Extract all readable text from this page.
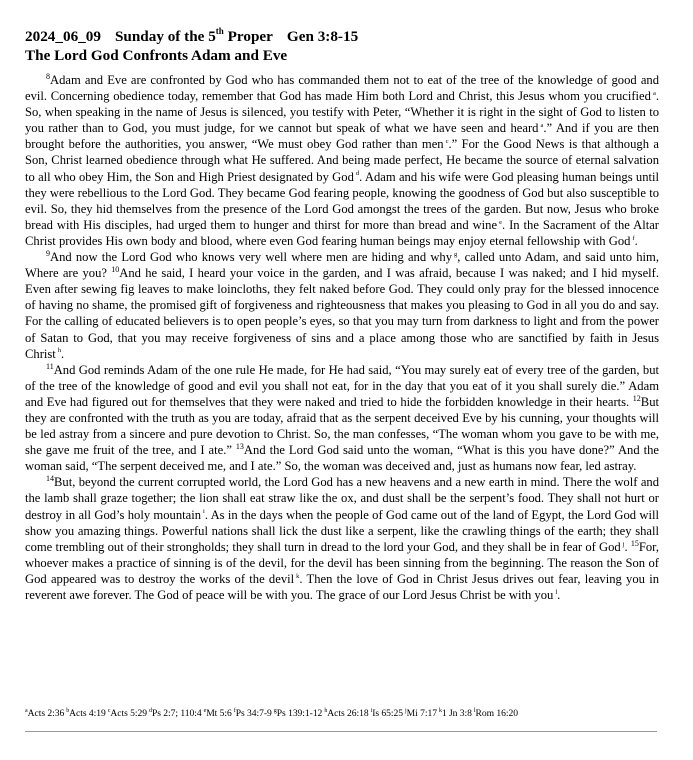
2024_06_09 Sunday of the 5th Proper Gen 3:8-15
The Lord God Confronts Adam and Eve

$^8$Adam and Eve are confronted by God who has commanded them not to eat of the tree of the knowledge of good and evil. Concerning obedience today, remember that God has made Him both Lord and Christ, this Jesus whom you crucified $^a$. So, when speaking in the name of Jesus is silenced, you testify with Peter, “Whether it is right in the sight of God to listen to you rather than to God, you must judge, for we cannot but speak of what we have seen and heard $^a$.” And if you are then brought before the authorities, you answer, “We must obey God rather than men $^c$.” For the Good News is that although a Son, Christ learned obedience through what He suffered. And being made perfect, He became the source of eternal salvation to all who obey Him, the Son and High Priest designated by God $^d$. Adam and his wife were God pleasing human beings until they were rebellious to the Lord God. They became God fearing people, knowing the goodness of God but also susceptible to evil. So, they hid themselves from the presence of the Lord God amongst the trees of the garden. But now, Jesus who broke bread with His disciples, had urged them to hunger and thirst for more than bread and wine $^e$. In the Sacrament of the Altar Christ provides His own body and blood, where even God fearing human beings may enjoy eternal fellowship with God $^f$.

$^9$And now the Lord God who knows very well where men are hiding and why $^g$, called unto Adam, and said unto him, Where are you? $^{10}$And he said, I heard your voice in the garden, and I was afraid, because I was naked; and I hid myself. Even after sewing fig leaves to make loincloths, they felt naked before God. They could only pray for the blessed innocence of having no shame, the promised gift of forgiveness and righteousness that makes you pleasing to God in all you do and say. For the calling of educated believers is to open people’s eyes, so that you may turn from darkness to light and from the power of Satan to God, that you may receive forgiveness of sins and a place among those who are sanctified by faith in Jesus Christ $^h$.

$^{11}$And God reminds Adam of the one rule He made, for He had said, “You may surely eat of every tree of the garden, but of the tree of the knowledge of good and evil you shall not eat, for in the day that you eat of it you shall surely die.” Adam and Eve had figured out for themselves that they were naked and tried to hide the forbidden knowledge in their hearts. $^{12}$But they are confronted with the truth as you are today, afraid that as the serpent deceived Eve by his cunning, your thoughts will be led astray from a sincere and pure devotion to Christ. So, the man confesses, “The woman whom you gave to be with me, she gave me fruit of the tree, and I ate.” $^{13}$And the Lord God said unto the woman, “What is this you have done?” And the woman said, “The serpent deceived me, and I ate.” So, the woman was deceived and, just as humans now fear, led astray.

$^{14}$But, beyond the current corrupted world, the Lord God has a new heavens and a new earth in mind. There the wolf and the lamb shall graze together; the lion shall eat straw like the ox, and dust shall be the serpent’s food. They shall not hurt or destroy in all God’s holy mountain $^i$. As in the days when the people of God came out of the land of Egypt, the Lord God will show you amazing things. Powerful nations shall lick the dust like a serpent, like the crawling things of the earth; they shall come trembling out of their strongholds; they shall turn in dread to the lord your God, and they shall be in fear of God $^j$. $^{15}$For, whoever makes a practice of sinning is of the devil, for the devil has been sinning from the beginning. The reason the Son of God appeared was to destroy the works of the devil $^k$. Then the love of God in Christ Jesus drives out fear, leaving you in reverent awe forever. The God of peace will be with you. The grace of our Lord Jesus Christ be with you $^l$.

$^a$Acts 2:36 $^b$Acts 4:19 $^c$Acts 5:29 $^d$Ps 2:7; 110:4 $^e$Mt 5:6 $^f$Ps 34:7-9 $^g$Ps 139:1-12 $^h$Acts 26:18 $^i$Is 65:25 $^j$Mi 7:17 $^k$1 Jn 3:8 $^l$Rom 16:20
